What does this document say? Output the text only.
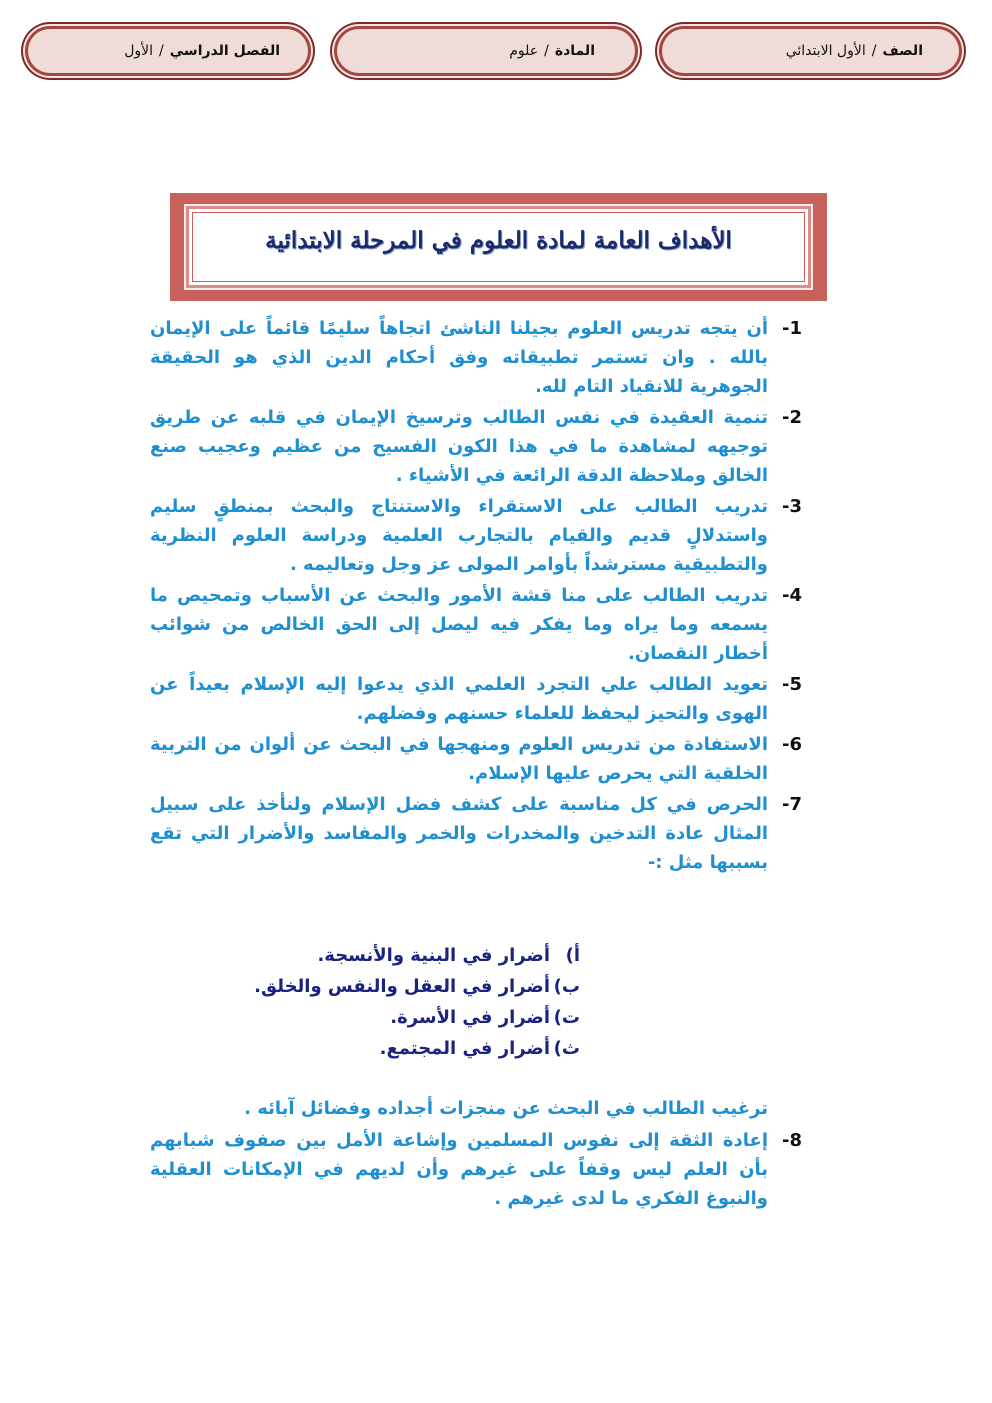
الصف
/
الأول الابتدائي
المادة
/
علوم
الفصل الدراسي
/
الأول
الأهداف العامة لمادة العلوم في المرحلة الابتدائية
1-
أن يتجه تدريس العلوم بجيلنا الناشئ اتجاهاً سليمًا قائماً على الإيمان بالله . وان تستمر تطبيقاته وفق أحكام الدين الذي هو الحقيقة الجوهرية للانقياد التام لله.
2-
تنمية العقيدة في نفس الطالب وترسيخ الإيمان في قلبه عن طريق توجيهه لمشاهدة ما في هذا الكون الفسيح من عظيم وعجيب صنع الخالق وملاحظة الدقة الرائعة في الأشياء .
3-
تدريب الطالب على الاستقراء والاستنتاج والبحث بمنطقٍ سليم واستدلالٍ قديم والقيام بالتجارب العلمية ودراسة العلوم النظرية والتطبيقية مسترشداً بأوامر المولى عز وجل وتعاليمه .
4-
تدريب الطالب على منا قشة الأمور والبحث عن الأسباب وتمحيص ما يسمعه وما يراه وما يفكر فيه ليصل إلى الحق الخالص من شوائب أخطار النقصان.
5-
تعويد الطالب علي التجرد العلمي الذي يدعوا إليه الإسلام بعيداً عن الهوى والتحيز ليحفظ للعلماء حسنهم وفضلهم.
6-
الاستفادة من تدريس العلوم ومنهجها في البحث عن ألوان من التربية الخلقية التي يحرص عليها الإسلام.
7-
الحرص في كل مناسبة على كشف فضل الإسلام ولنأخذ على سبيل المثال عادة التدخين والمخدرات والخمر والمفاسد والأضرار التي تقع بسببها مثل :-
أ)
أضرار في البنية والأنسجة.
ب)
أضرار في العقل والنفس والخلق.
ت)
أضرار في الأسرة.
ث)
أضرار في المجتمع.
ترغيب الطالب في البحث عن منجزات أجداده وفضائل آبائه .
8-
إعادة الثقة إلى نفوس المسلمين وإشاعة الأمل بين صفوف شبابهم بأن العلم ليس وقفاً على غيرهم وأن لديهم في الإمكانات العقلية والنبوغ الفكري ما لدى غيرهم .
